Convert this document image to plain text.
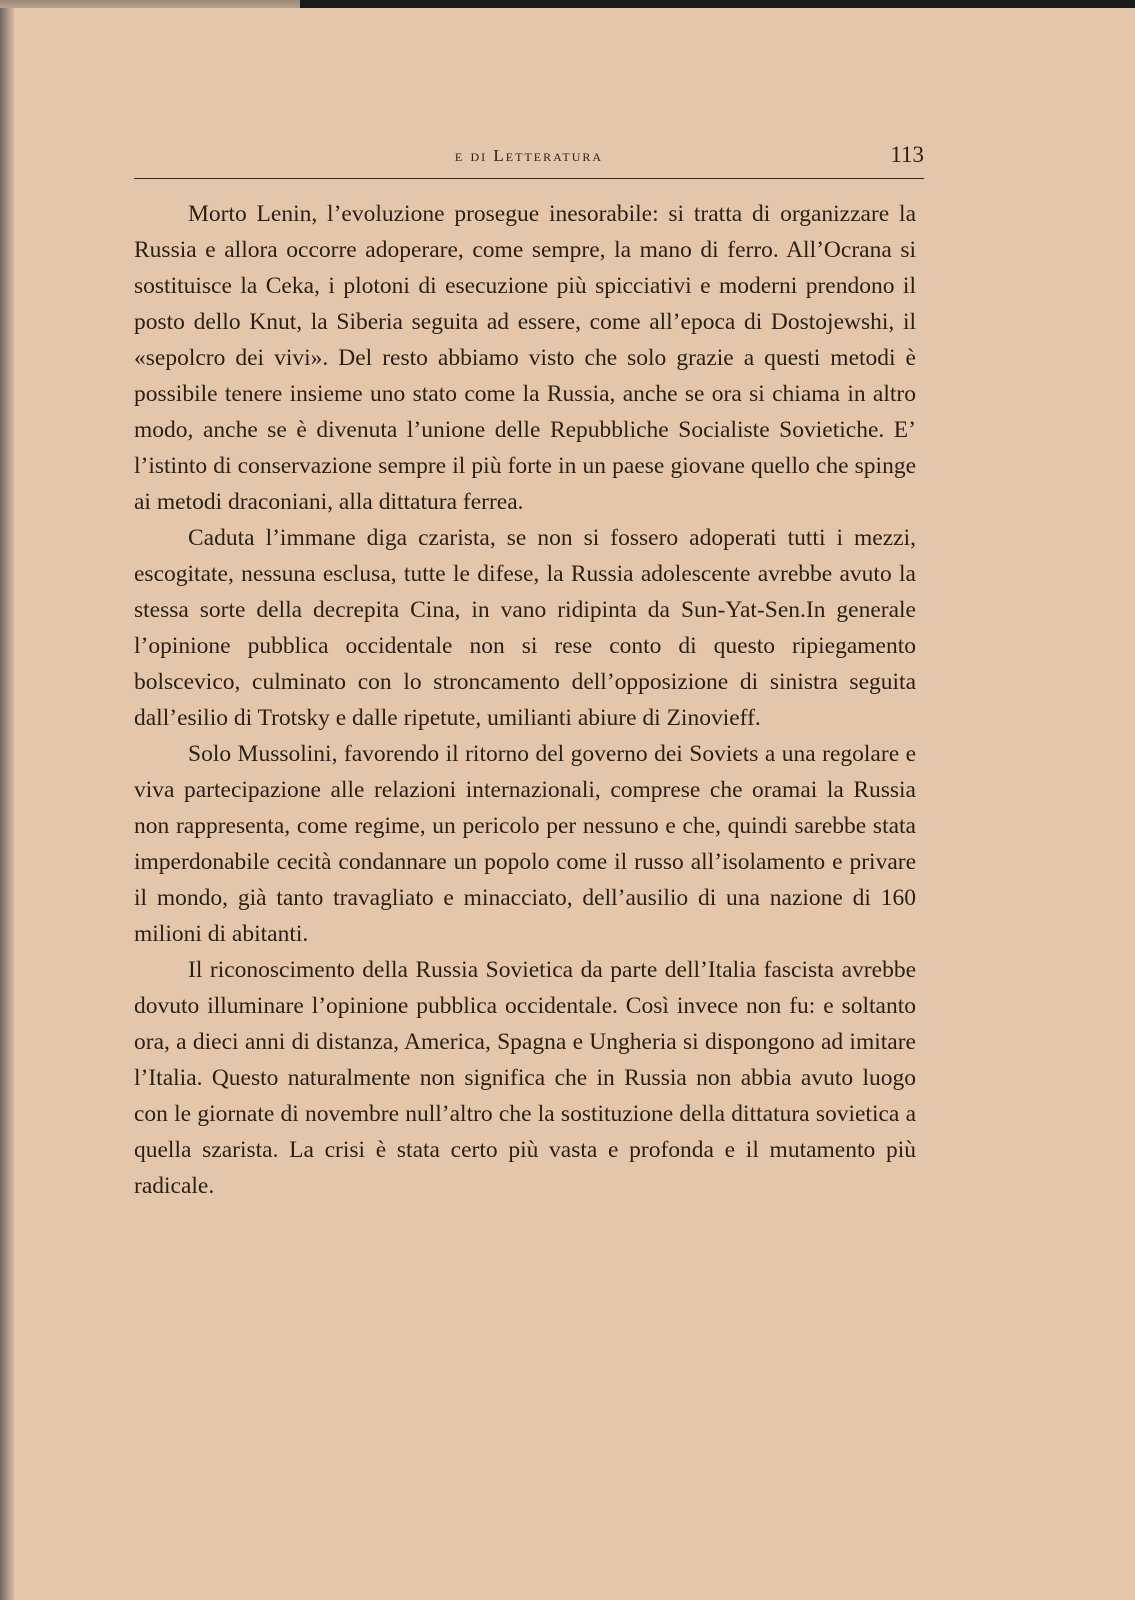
e di Letteratura	113

Morto Lenin, l’evoluzione prosegue inesorabile: si tratta di organizzare la Russia e allora occorre adoperare, come sempre, la mano di ferro. All’Ocrana si sostituisce la Ceka, i plotoni di esecuzione più spicciativi e moderni prendono il posto dello Knut, la Siberia seguita ad essere, come all’epoca di Dostojewshi, il «sepolcro dei vivi». Del resto abbiamo visto che solo grazie a questi metodi è possibile tenere insieme uno stato come la Russia, anche se ora si chiama in altro modo, anche se è divenuta l’unione delle Repubbliche Socialiste Sovietiche. E’ l’istinto di conservazione sempre il più forte in un paese giovane quello che spinge ai metodi draconiani, alla dittatura ferrea.

Caduta l’immane diga czarista, se non si fossero adoperati tutti i mezzi, escogitate, nessuna esclusa, tutte le difese, la Russia adolescente avrebbe avuto la stessa sorte della decrepita Cina, in vano ridipinta da Sun-Yat-Sen.In generale l’opinione pubblica occidentale non si rese conto di questo ripiegamento bolscevico, culminato con lo stroncamento dell’opposizione di sinistra seguita dall’esilio di Trotsky e dalle ripetute, umilianti abiure di Zinovieff.

Solo Mussolini, favorendo il ritorno del governo dei Soviets a una regolare e viva partecipazione alle relazioni internazionali, comprese che oramai la Russia non rappresenta, come regime, un pericolo per nessuno e che, quindi sarebbe stata imperdonabile cecità condannare un popolo come il russo all’isolamento e privare il mondo, già tanto travagliato e minacciato, dell’ausilio di una nazione di 160 milioni di abitanti.

Il riconoscimento della Russia Sovietica da parte dell’Italia fascista avrebbe dovuto illuminare l’opinione pubblica occidentale. Così invece non fu: e soltanto ora, a dieci anni di distanza, America, Spagna e Ungheria si dispongono ad imitare l’Italia. Questo naturalmente non significa che in Russia non abbia avuto luogo con le giornate di novembre null’altro che la sostituzione della dittatura sovietica a quella szarista. La crisi è stata certo più vasta e profonda e il mutamento più radicale.
